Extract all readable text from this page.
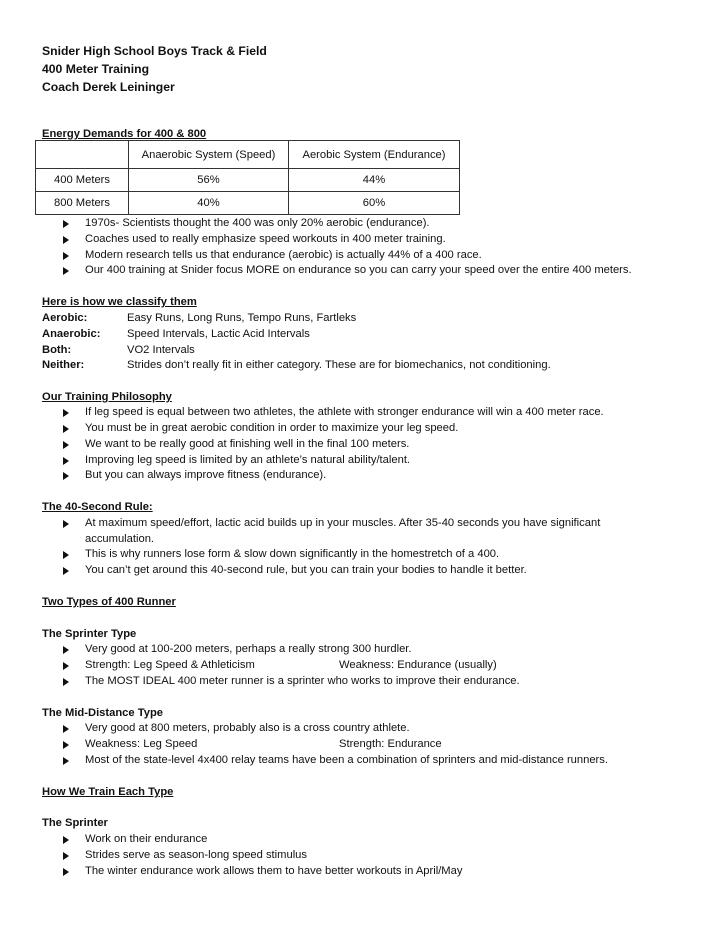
Snider High School Boys Track & Field
400 Meter Training
Coach Derek Leininger
Energy Demands for 400 & 800
	Anaerobic System (Speed)	Aerobic System (Endurance)
400 Meters	56%	44%
800 Meters	40%	60%
1970s- Scientists thought the 400 was only 20% aerobic (endurance).
Coaches used to really emphasize speed workouts in 400 meter training.
Modern research tells us that endurance (aerobic) is actually 44% of a 400 race.
Our 400 training at Snider focus MORE on endurance so you can carry your speed over the entire 400 meters.
Here is how we classify them
Aerobic:	Easy Runs, Long Runs, Tempo Runs, Fartleks
Anaerobic: Speed Intervals, Lactic Acid Intervals
Both:	VO2 Intervals
Neither:	Strides don’t really fit in either category. These are for biomechanics, not conditioning.
Our Training Philosophy
If leg speed is equal between two athletes, the athlete with stronger endurance will win a 400 meter race.
You must be in great aerobic condition in order to maximize your leg speed.
We want to be really good at finishing well in the final 100 meters.
Improving leg speed is limited by an athlete’s natural ability/talent.
But you can always improve fitness (endurance).
The 40-Second Rule:
At maximum speed/effort, lactic acid builds up in your muscles. After 35-40 seconds you have significant
accumulation.
This is why runners lose form & slow down significantly in the homestretch of a 400.
You can’t get around this 40-second rule, but you can train your bodies to handle it better.
Two Types of 400 Runner
The Sprinter Type
Very good at 100-200 meters, perhaps a really strong 300 hurdler.
Strength: Leg Speed & Athleticism	Weakness: Endurance (usually)
The MOST IDEAL 400 meter runner is a sprinter who works to improve their endurance.
The Mid-Distance Type
Very good at 800 meters, probably also is a cross country athlete.
Weakness: Leg Speed	Strength: Endurance
Most of the state-level 4x400 relay teams have been a combination of sprinters and mid-distance runners.
How We Train Each Type
The Sprinter
Work on their endurance
Strides serve as season-long speed stimulus
The winter endurance work allows them to have better workouts in April/May
